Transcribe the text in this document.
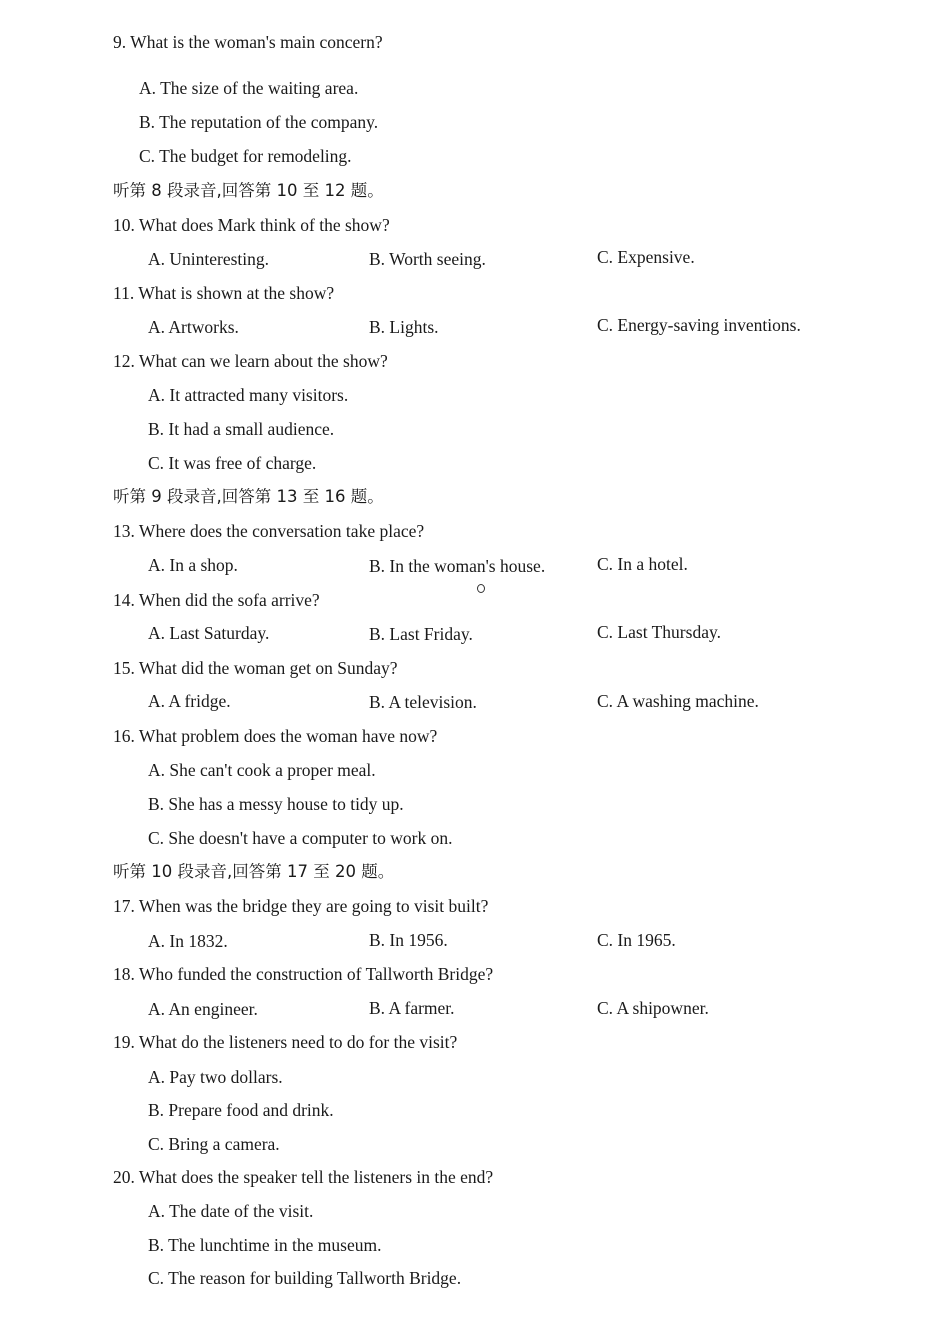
9. What is the woman's main concern?
A. The size of the waiting area.
B. The reputation of the company.
C. The budget for remodeling.
听第 8 段录音,回答第 10 至 12 题。
10. What does Mark think of the show?
A. Uninteresting.	B. Worth seeing.	C. Expensive.
11. What is shown at the show?
A. Artworks.	B. Lights.	C. Energy-saving inventions.
12. What can we learn about the show?
A. It attracted many visitors.
B. It had a small audience.
C. It was free of charge.
听第 9 段录音,回答第 13 至 16 题。
13. Where does the conversation take place?
A. In a shop.	B. In the woman's house.	C. In a hotel.
14. When did the sofa arrive?
A. Last Saturday.	B. Last Friday.	C. Last Thursday.
15. What did the woman get on Sunday?
A. A fridge.	B. A television.	C. A washing machine.
16. What problem does the woman have now?
A. She can't cook a proper meal.
B. She has a messy house to tidy up.
C. She doesn't have a computer to work on.
听第 10 段录音,回答第 17 至 20 题。
17. When was the bridge they are going to visit built?
A. In 1832.	B. In 1956.	C. In 1965.
18. Who funded the construction of Tallworth Bridge?
A. An engineer.	B. A farmer.	C. A shipowner.
19. What do the listeners need to do for the visit?
A. Pay two dollars.
B. Prepare food and drink.
C. Bring a camera.
20. What does the speaker tell the listeners in the end?
A. The date of the visit.
B. The lunchtime in the museum.
C. The reason for building Tallworth Bridge.
